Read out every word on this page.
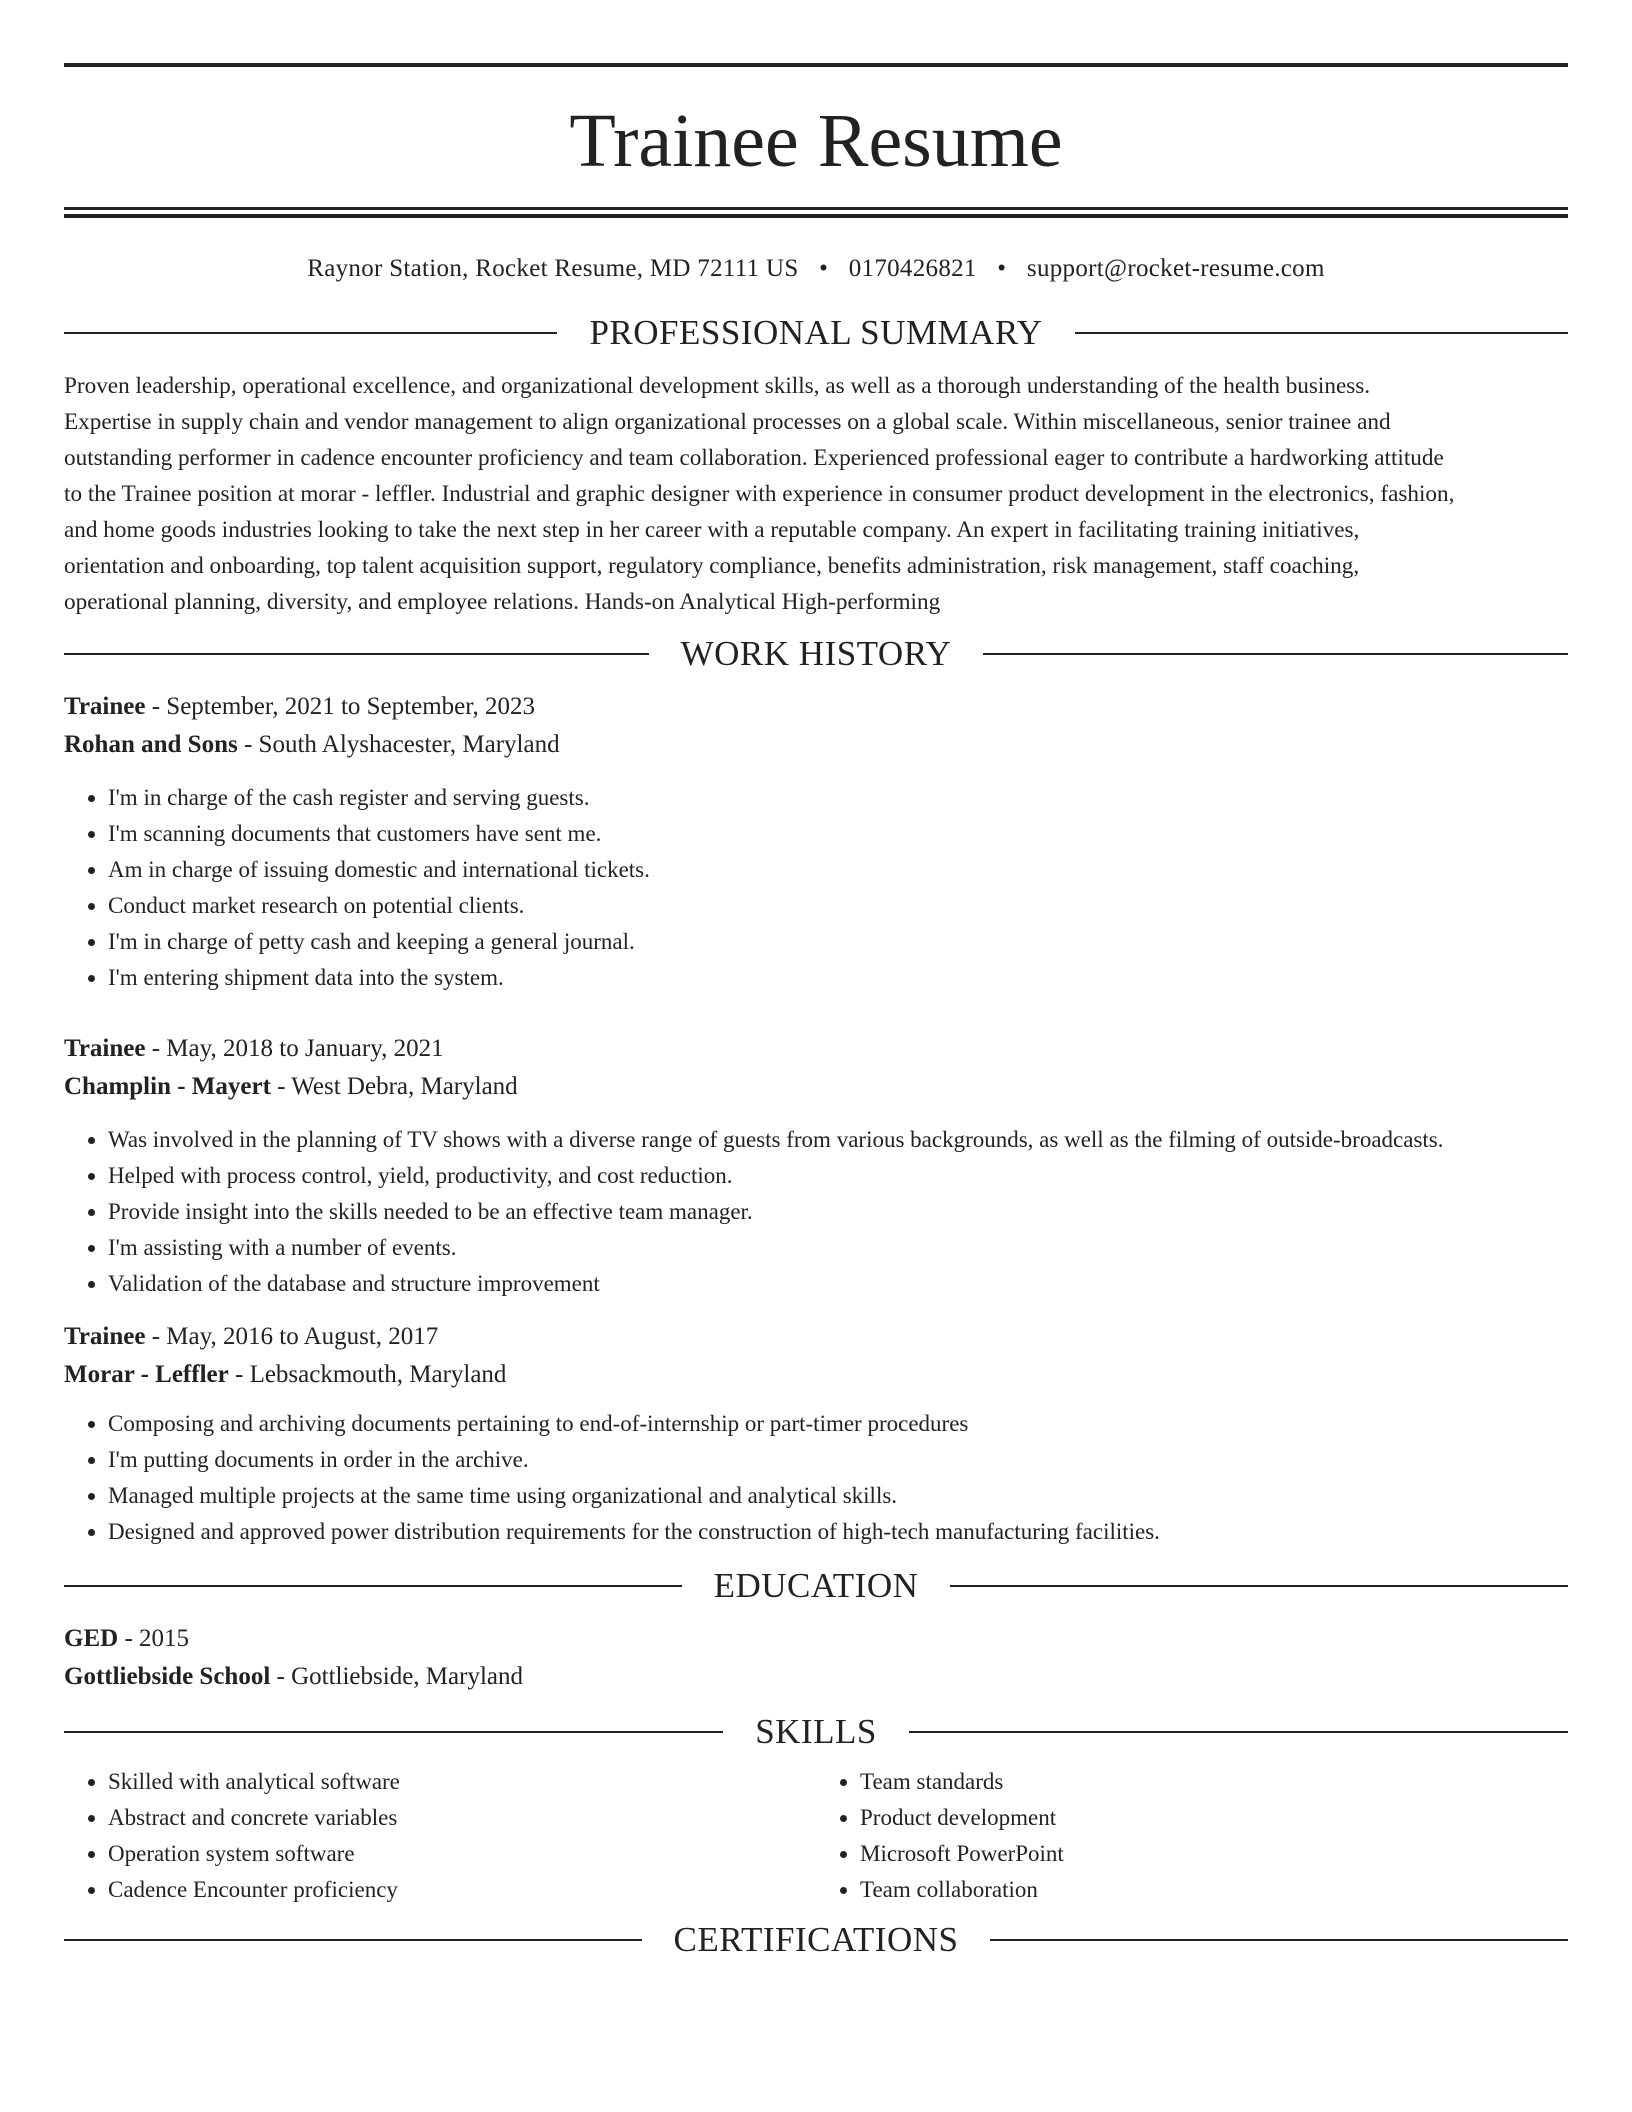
Trainee Resume
Raynor Station, Rocket Resume, MD 72111 US • 0170426821 • support@rocket-resume.com
PROFESSIONAL SUMMARY
Proven leadership, operational excellence, and organizational development skills, as well as a thorough understanding of the health business.
Expertise in supply chain and vendor management to align organizational processes on a global scale. Within miscellaneous, senior trainee and
outstanding performer in cadence encounter proficiency and team collaboration. Experienced professional eager to contribute a hardworking attitude
to the Trainee position at morar - leffler. Industrial and graphic designer with experience in consumer product development in the electronics, fashion,
and home goods industries looking to take the next step in her career with a reputable company. An expert in facilitating training initiatives,
orientation and onboarding, top talent acquisition support, regulatory compliance, benefits administration, risk management, staff coaching,
operational planning, diversity, and employee relations. Hands-on Analytical High-performing
WORK HISTORY
Trainee - September, 2021 to September, 2023
Rohan and Sons - South Alyshacester, Maryland
• I'm in charge of the cash register and serving guests.
• I'm scanning documents that customers have sent me.
• Am in charge of issuing domestic and international tickets.
• Conduct market research on potential clients.
• I'm in charge of petty cash and keeping a general journal.
• I'm entering shipment data into the system.
Trainee - May, 2018 to January, 2021
Champlin - Mayert - West Debra, Maryland
• Was involved in the planning of TV shows with a diverse range of guests from various backgrounds, as well as the filming of outside-broadcasts.
• Helped with process control, yield, productivity, and cost reduction.
• Provide insight into the skills needed to be an effective team manager.
• I'm assisting with a number of events.
• Validation of the database and structure improvement
Trainee - May, 2016 to August, 2017
Morar - Leffler - Lebsackmouth, Maryland
• Composing and archiving documents pertaining to end-of-internship or part-timer procedures
• I'm putting documents in order in the archive.
• Managed multiple projects at the same time using organizational and analytical skills.
• Designed and approved power distribution requirements for the construction of high-tech manufacturing facilities.
EDUCATION
GED - 2015
Gottliebside School - Gottliebside, Maryland
SKILLS
• Skilled with analytical software
• Abstract and concrete variables
• Operation system software
• Cadence Encounter proficiency
• Team standards
• Product development
• Microsoft PowerPoint
• Team collaboration
CERTIFICATIONS
